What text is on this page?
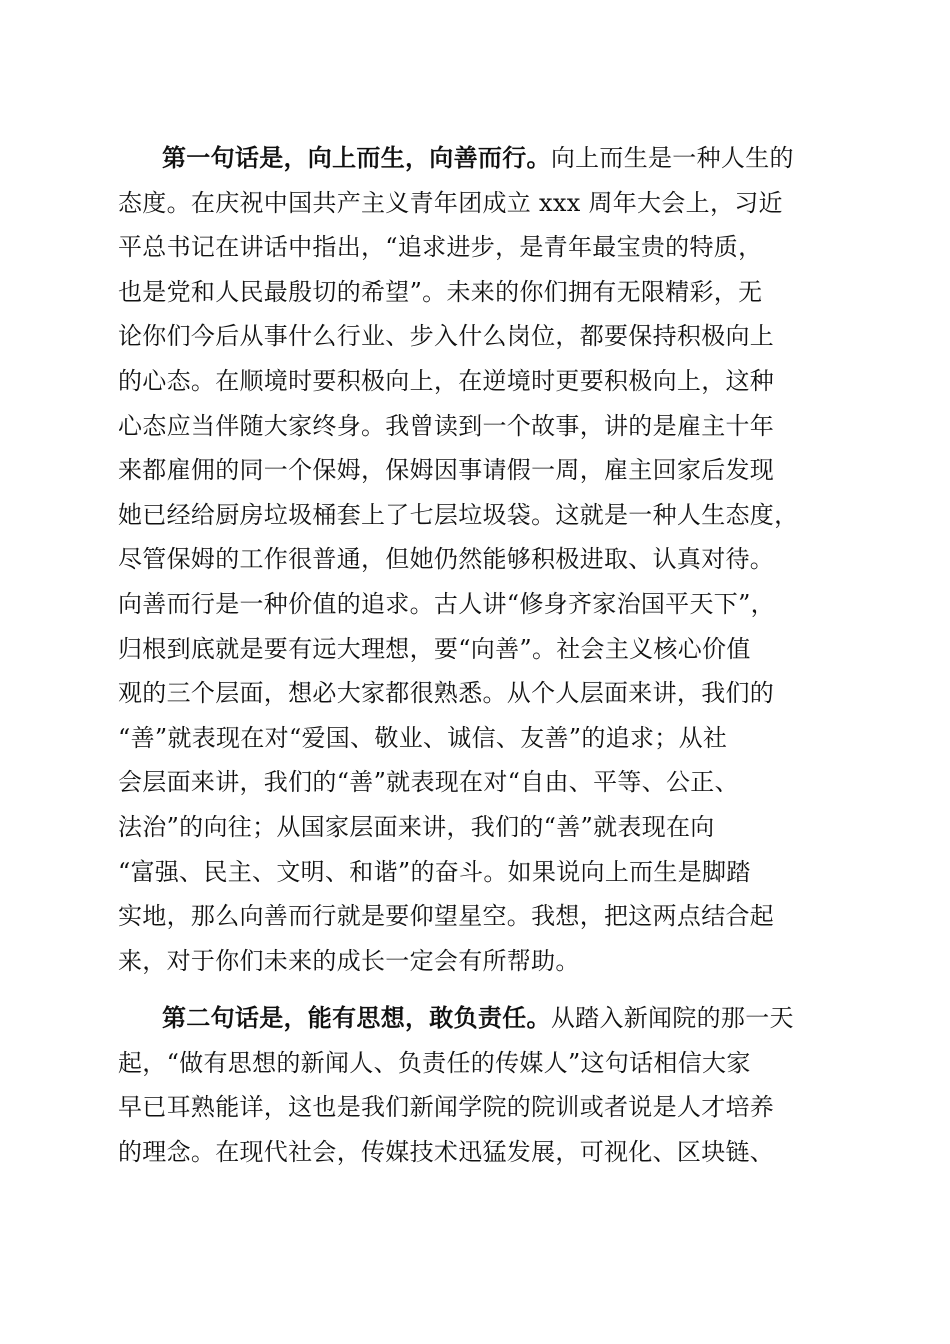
第一句话是，向上而生，向善而行。向上而生是一种人生的
态度。在庆祝中国共产主义青年团成立 xxx 周年大会上，习近
平总书记在讲话中指出，“追求进步，是青年最宝贵的特质，
也是党和人民最殷切的希望”。未来的你们拥有无限精彩，无
论你们今后从事什么行业、步入什么岗位，都要保持积极向上
的心态。在顺境时要积极向上，在逆境时更要积极向上，这种
心态应当伴随大家终身。我曾读到一个故事，讲的是雇主十年
来都雇佣的同一个保姆，保姆因事请假一周，雇主回家后发现
她已经给厨房垃圾桶套上了七层垃圾袋。这就是一种人生态度，
尽管保姆的工作很普通，但她仍然能够积极进取、认真对待。
向善而行是一种价值的追求。古人讲“修身齐家治国平天下”，
归根到底就是要有远大理想，要“向善”。社会主义核心价值
观的三个层面，想必大家都很熟悉。从个人层面来讲，我们的
“善”就表现在对“爱国、敬业、诚信、友善”的追求；从社
会层面来讲，我们的“善”就表现在对“自由、平等、公正、
法治”的向往；从国家层面来讲，我们的“善”就表现在向
“富强、民主、文明、和谐”的奋斗。如果说向上而生是脚踏
实地，那么向善而行就是要仰望星空。我想，把这两点结合起
来，对于你们未来的成长一定会有所帮助。
第二句话是，能有思想，敢负责任。从踏入新闻院的那一天
起，“做有思想的新闻人、负责任的传媒人”这句话相信大家
早已耳熟能详，这也是我们新闻学院的院训或者说是人才培养
的理念。在现代社会，传媒技术迅猛发展，可视化、区块链、
